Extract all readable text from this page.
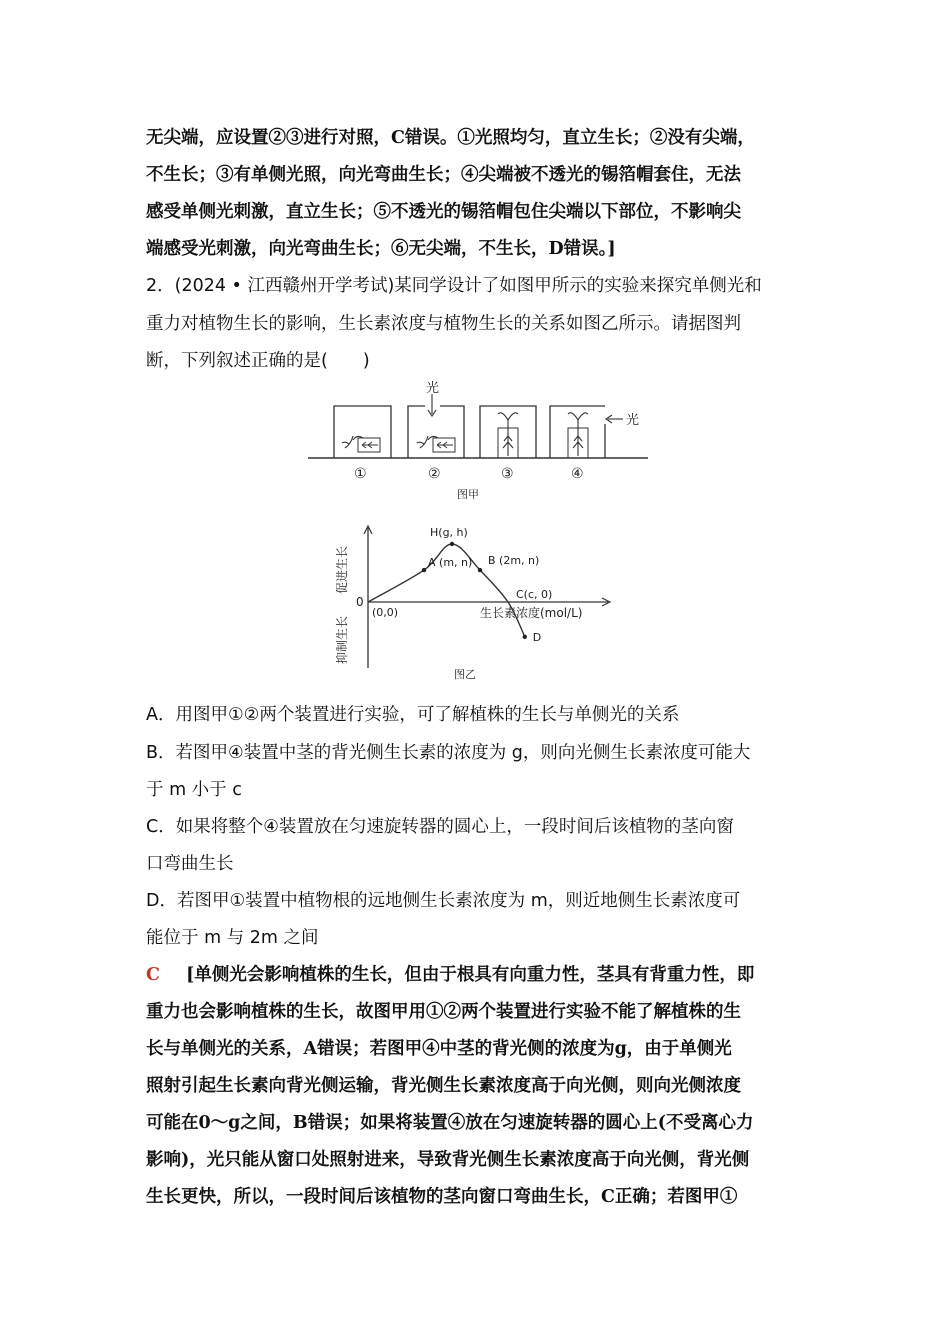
无尖端，应设置②③进行对照，C错误。①光照均匀，直立生长；②没有尖端，
不生长；③有单侧光照，向光弯曲生长；④尖端被不透光的锡箔帽套住，无法
感受单侧光刺激，直立生长；⑤不透光的锡箔帽包住尖端以下部位，不影响尖
端感受光刺激，向光弯曲生长；⑥无尖端，不生长，D错误。]
2．(2024 • 江西赣州开学考试)某同学设计了如图甲所示的实验来探究单侧光和
重力对植物生长的影响，生长素浓度与植物生长的关系如图乙所示。请据图判
断，下列叙述正确的是(　　)
光
光
①	②	③	④
图甲
促进生长
抑制生长
0
生长素浓度(mol/L)
(0,0)
A (m, n)
H(g, h)
B (2m, n)
C(c, 0)
D
图乙
A．用图甲①②两个装置进行实验，可了解植株的生长与单侧光的关系
B．若图甲④装置中茎的背光侧生长素的浓度为 g，则向光侧生长素浓度可能大
于 m 小于 c
C．如果将整个④装置放在匀速旋转器的圆心上，一段时间后该植物的茎向窗
口弯曲生长
D．若图甲①装置中植物根的远地侧生长素浓度为 m，则近地侧生长素浓度可
能位于 m 与 2m 之间
C [单侧光会影响植株的生长，但由于根具有向重力性，茎具有背重力性，即
重力也会影响植株的生长，故图甲用①②两个装置进行实验不能了解植株的生
长与单侧光的关系，A错误；若图甲④中茎的背光侧的浓度为g，由于单侧光
照射引起生长素向背光侧运输，背光侧生长素浓度高于向光侧，则向光侧浓度
可能在0～g之间，B错误；如果将装置④放在匀速旋转器的圆心上(不受离心力
影响)，光只能从窗口处照射进来，导致背光侧生长素浓度高于向光侧，背光侧
生长更快，所以，一段时间后该植物的茎向窗口弯曲生长，C正确；若图甲①
